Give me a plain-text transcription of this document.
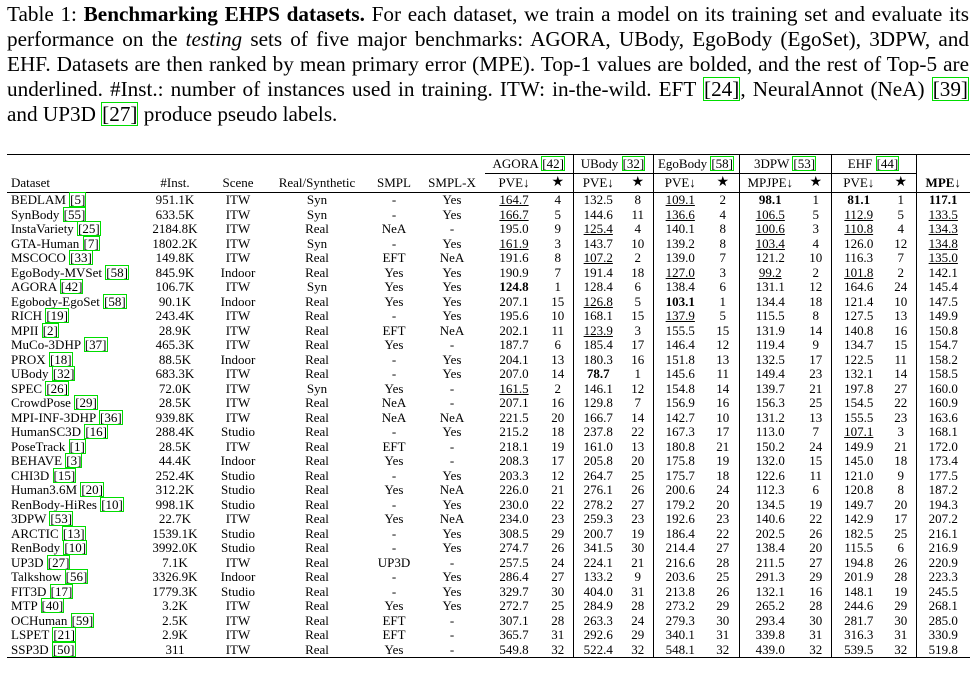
Table 1: Benchmarking EHPS datasets. For each dataset, we train a model on its training set and evaluate its performance on the testing sets of five major benchmarks: AGORA, UBody, EgoBody (EgoSet), 3DPW, and EHF. Datasets are then ranked by mean primary error (MPE). Top-1 values are bolded, and the rest of Top-5 are underlined. #Inst.: number of instances used in training. ITW: in-the-wild. EFT [24], NeuralAnnot (NeA) [39] and UP3D [27] produce pseudo labels.
						AGORA [42]		UBody [32]		EgoBody [58]		3DPW [53]		EHF [44]		
Dataset	#Inst.	Scene	Real/Synthetic	SMPL	SMPL-X	PVE↓	★	PVE↓	★	PVE↓	★	MPJPE↓	★	PVE↓	★	MPE↓
BEDLAM [5]	951.1K	ITW	Syn	-	Yes	164.7	4	132.5	8	109.1	2	98.1	1	81.1	1	117.1
SynBody [55]	633.5K	ITW	Syn	-	Yes	166.7	5	144.6	11	136.6	4	106.5	5	112.9	5	133.5
InstaVariety [25]	2184.8K	ITW	Real	NeA	-	195.0	9	125.4	4	140.1	8	100.6	3	110.8	4	134.3
GTA-Human [7]	1802.2K	ITW	Syn	-	Yes	161.9	3	143.7	10	139.2	8	103.4	4	126.0	12	134.8
MSCOCO [33]	149.8K	ITW	Real	EFT	NeA	191.6	8	107.2	2	139.0	7	121.2	10	116.3	7	135.0
EgoBody-MVSet [58]	845.9K	Indoor	Real	Yes	Yes	190.9	7	191.4	18	127.0	3	99.2	2	101.8	2	142.1
AGORA [42]	106.7K	ITW	Syn	Yes	Yes	124.8	1	128.4	6	138.4	6	131.1	12	164.6	24	145.4
Egobody-EgoSet [58]	90.1K	Indoor	Real	Yes	Yes	207.1	15	126.8	5	103.1	1	134.4	18	121.4	10	147.5
RICH [19]	243.4K	ITW	Real	-	Yes	195.6	10	168.1	15	137.9	5	115.5	8	127.5	13	149.9
MPII [2]	28.9K	ITW	Real	EFT	NeA	202.1	11	123.9	3	155.5	15	131.9	14	140.8	16	150.8
MuCo-3DHP [37]	465.3K	ITW	Real	Yes	-	187.7	6	185.4	17	146.4	12	119.4	9	134.7	15	154.7
PROX [18]	88.5K	Indoor	Real	-	Yes	204.1	13	180.3	16	151.8	13	132.5	17	122.5	11	158.2
UBody [32]	683.3K	ITW	Real	-	Yes	207.0	14	78.7	1	145.6	11	149.4	23	132.1	14	158.5
SPEC [26]	72.0K	ITW	Syn	Yes	-	161.5	2	146.1	12	154.8	14	139.7	21	197.8	27	160.0
CrowdPose [29]	28.5K	ITW	Real	NeA	-	207.1	16	129.8	7	156.9	16	156.3	25	154.5	22	160.9
MPI-INF-3DHP [36]	939.8K	ITW	Real	NeA	NeA	221.5	20	166.7	14	142.7	10	131.2	13	155.5	23	163.6
HumanSC3D [16]	288.4K	Studio	Real	-	Yes	215.2	18	237.8	22	167.3	17	113.0	7	107.1	3	168.1
PoseTrack [1]	28.5K	ITW	Real	EFT	-	218.1	19	161.0	13	180.8	21	150.2	24	149.9	21	172.0
BEHAVE [3]	44.4K	Indoor	Real	Yes	-	208.3	17	205.8	20	175.8	19	132.0	15	145.0	18	173.4
CHI3D [15]	252.4K	Studio	Real	-	Yes	203.3	12	264.7	25	175.7	18	122.6	11	121.0	9	177.5
Human3.6M [20]	312.2K	Studio	Real	Yes	NeA	226.0	21	276.1	26	200.6	24	112.3	6	120.8	8	187.2
RenBody-HiRes [10]	998.1K	Studio	Real	-	Yes	230.0	22	278.2	27	179.2	20	134.5	19	149.7	20	194.3
3DPW [53]	22.7K	ITW	Real	Yes	NeA	234.0	23	259.3	23	192.6	23	140.6	22	142.9	17	207.2
ARCTIC [13]	1539.1K	Studio	Real	-	Yes	308.5	29	200.7	19	186.4	22	202.5	26	182.5	25	216.1
RenBody [10]	3992.0K	Studio	Real	-	Yes	274.7	26	341.5	30	214.4	27	138.4	20	115.5	6	216.9
UP3D [27]	7.1K	ITW	Real	UP3D	-	257.5	24	224.1	21	216.6	28	211.5	27	194.8	26	220.9
Talkshow [56]	3326.9K	Indoor	Real	-	Yes	286.4	27	133.2	9	203.6	25	291.3	29	201.9	28	223.3
FIT3D [17]	1779.3K	Studio	Real	-	Yes	329.7	30	404.0	31	213.8	26	132.1	16	148.1	19	245.5
MTP [40]	3.2K	ITW	Real	Yes	Yes	272.7	25	284.9	28	273.2	29	265.2	28	244.6	29	268.1
OCHuman [59]	2.5K	ITW	Real	EFT	-	307.1	28	263.3	24	279.3	30	293.4	30	281.7	30	285.0
LSPET [21]	2.9K	ITW	Real	EFT	-	365.7	31	292.6	29	340.1	31	339.8	31	316.3	31	330.9
SSP3D [50]	311	ITW	Real	Yes	-	549.8	32	522.4	32	548.1	32	439.0	32	539.5	32	519.8
